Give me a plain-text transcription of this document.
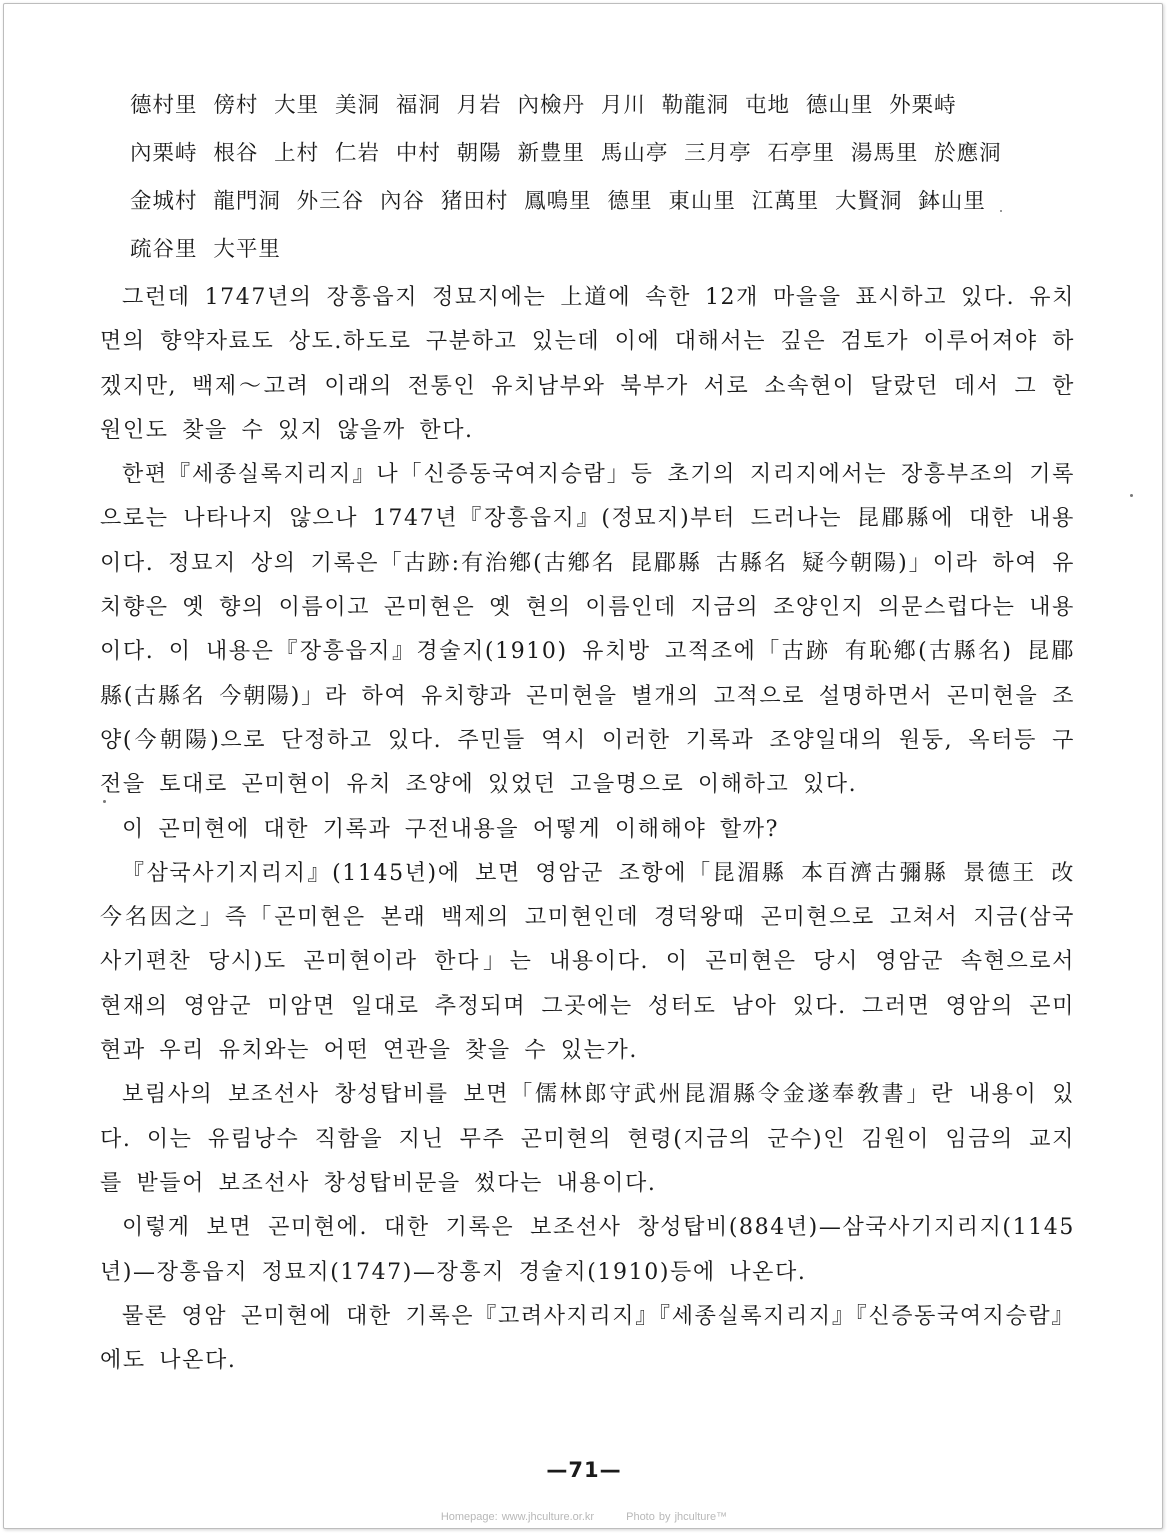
德村里 傍村 大里 美洞 福洞 月岩 內檢丹 月川 勒龍洞 屯地 德山里 外栗峙
內栗峙 根谷 上村 仁岩 中村 朝陽 新豊里 馬山亭 三月亭 石亭里 湯馬里 於應洞
金城村 龍門洞 外三谷 內谷 猪田村 鳳鳴里 德里 東山里 江萬里 大賢洞 鉢山里
疏谷里 大平里

그런데 1747년의 장흥읍지 정묘지에는 上道에 속한 12개 마을을 표시하고 있다. 유치면의 향약자료도 상도.하도로 구분하고 있는데 이에 대해서는 깊은 검토가 이루어져야 하겠지만, 백제～고려 이래의 전통인 유치남부와 북부가 서로 소속현이 달랐던 데서 그 한 원인도 찾을 수 있지 않을까 한다.

한편『세종실록지리지』나「신증동국여지승람」등 초기의 지리지에서는 장흥부조의 기록으로는 나타나지 않으나 1747년『장흥읍지』(정묘지)부터 드러나는 昆郿縣에 대한 내용이다. 정묘지 상의 기록은「古跡:有治鄕(古鄕名 昆郿縣 古縣名 疑今朝陽)」이라 하여 유치향은 옛 향의 이름이고 곤미현은 옛 현의 이름인데 지금의 조양인지 의문스럽다는 내용이다. 이 내용은『장흥읍지』경술지(1910) 유치방 고적조에「古跡 有恥鄕(古縣名) 昆郿縣(古縣名 今朝陽)」라 하여 유치향과 곤미현을 별개의 고적으로 설명하면서 곤미현을 조양(今朝陽)으로 단정하고 있다. 주민들 역시 이러한 기록과 조양일대의 원둥, 옥터등 구전을 토대로 곤미현이 유치 조양에 있었던 고을명으로 이해하고 있다.

이 곤미현에 대한 기록과 구전내용을 어떻게 이해해야 할까?

『삼국사기지리지』(1145년)에 보면 영암군 조항에「昆湄縣 本百濟古彌縣 景德王 改今名因之」즉「곤미현은 본래 백제의 고미현인데 경덕왕때 곤미현으로 고쳐서 지금(삼국사기편찬 당시)도 곤미현이라 한다」는 내용이다. 이 곤미현은 당시 영암군 속현으로서 현재의 영암군 미암면 일대로 추정되며 그곳에는 성터도 남아 있다. 그러면 영암의 곤미현과 우리 유치와는 어떤 연관을 찾을 수 있는가.

보림사의 보조선사 창성탑비를 보면「儒林郎守武州昆湄縣令金遂奉敎書」란 내용이 있다. 이는 유림낭수 직함을 지닌 무주 곤미현의 현령(지금의 군수)인 김원이 임금의 교지를 받들어 보조선사 창성탑비문을 썼다는 내용이다.

이렇게 보면 곤미현에. 대한 기록은 보조선사 창성탑비(884년)—삼국사기지리지(1145년)—장흥읍지 정묘지(1747)—장흥지 경술지(1910)등에 나온다.

물론 영암 곤미현에 대한 기록은『고려사지리지』『세종실록지리지』『신증동국여지승람』에도 나온다.

—71—
Homepage: www.jhculture.or.kr	Photo by jhculture™
